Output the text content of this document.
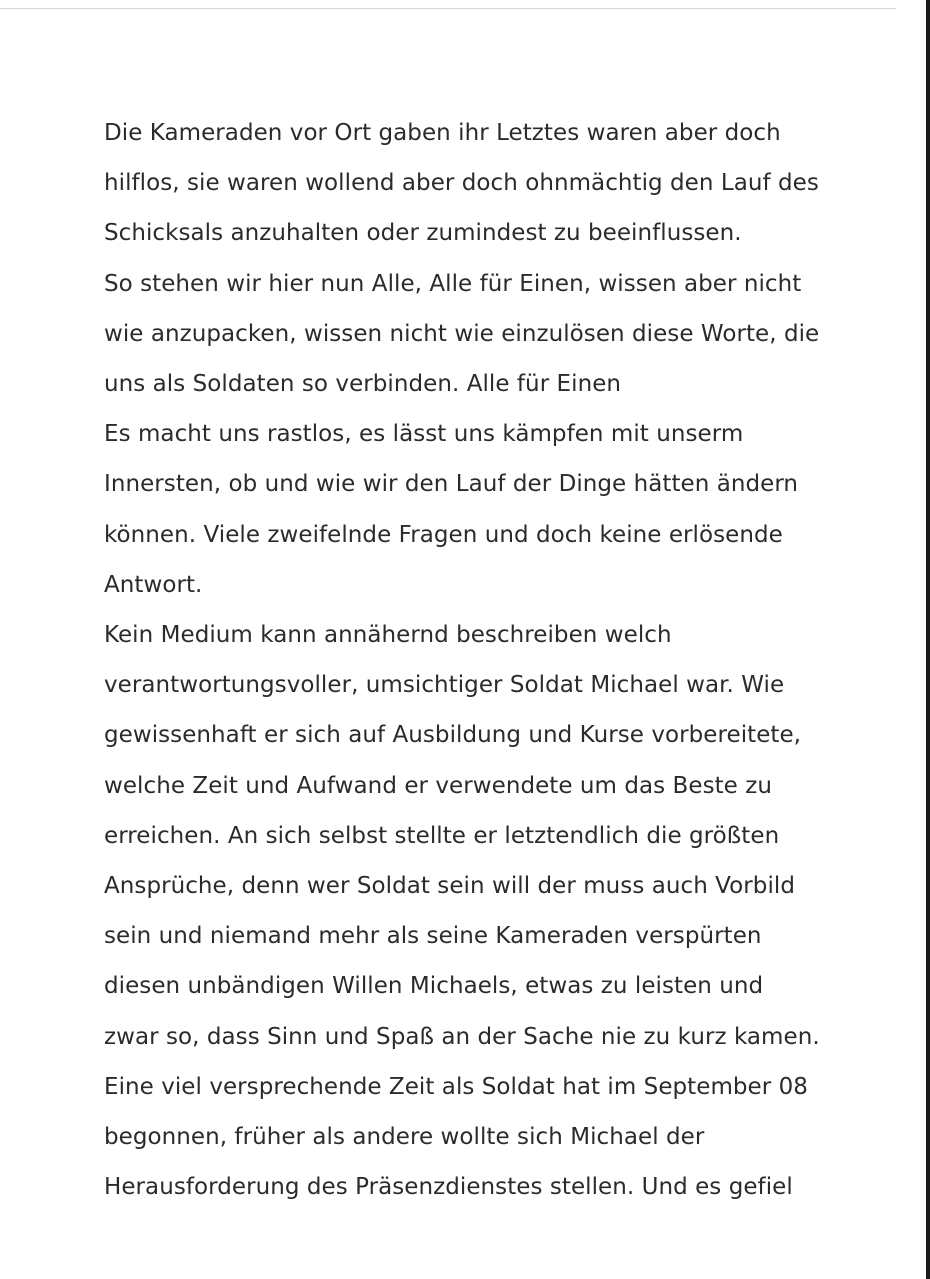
Die Kameraden vor Ort gaben ihr Letztes waren aber doch
hilflos, sie waren wollend aber doch ohnmächtig den Lauf des
Schicksals anzuhalten oder zumindest zu beeinflussen.
So stehen wir hier nun Alle, Alle für Einen, wissen aber nicht
wie anzupacken, wissen nicht wie einzulösen diese Worte, die
uns als Soldaten so verbinden. Alle für Einen
Es macht uns rastlos, es lässt uns kämpfen mit unserm
Innersten, ob und wie wir den Lauf der Dinge hätten ändern
können. Viele zweifelnde Fragen und doch keine erlösende
Antwort.
Kein Medium kann annähernd beschreiben welch
verantwortungsvoller, umsichtiger Soldat Michael war. Wie
gewissenhaft er sich auf Ausbildung und Kurse vorbereitete,
welche Zeit und Aufwand er verwendete um das Beste zu
erreichen. An sich selbst stellte er letztendlich die größten
Ansprüche, denn wer Soldat sein will der muss auch Vorbild
sein und niemand mehr als seine Kameraden verspürten
diesen unbändigen Willen Michaels, etwas zu leisten und
zwar so, dass Sinn und Spaß an der Sache nie zu kurz kamen.
Eine viel versprechende Zeit als Soldat hat im September 08
begonnen, früher als andere wollte sich Michael der
Herausforderung des Präsenzdienstes stellen. Und es gefiel
